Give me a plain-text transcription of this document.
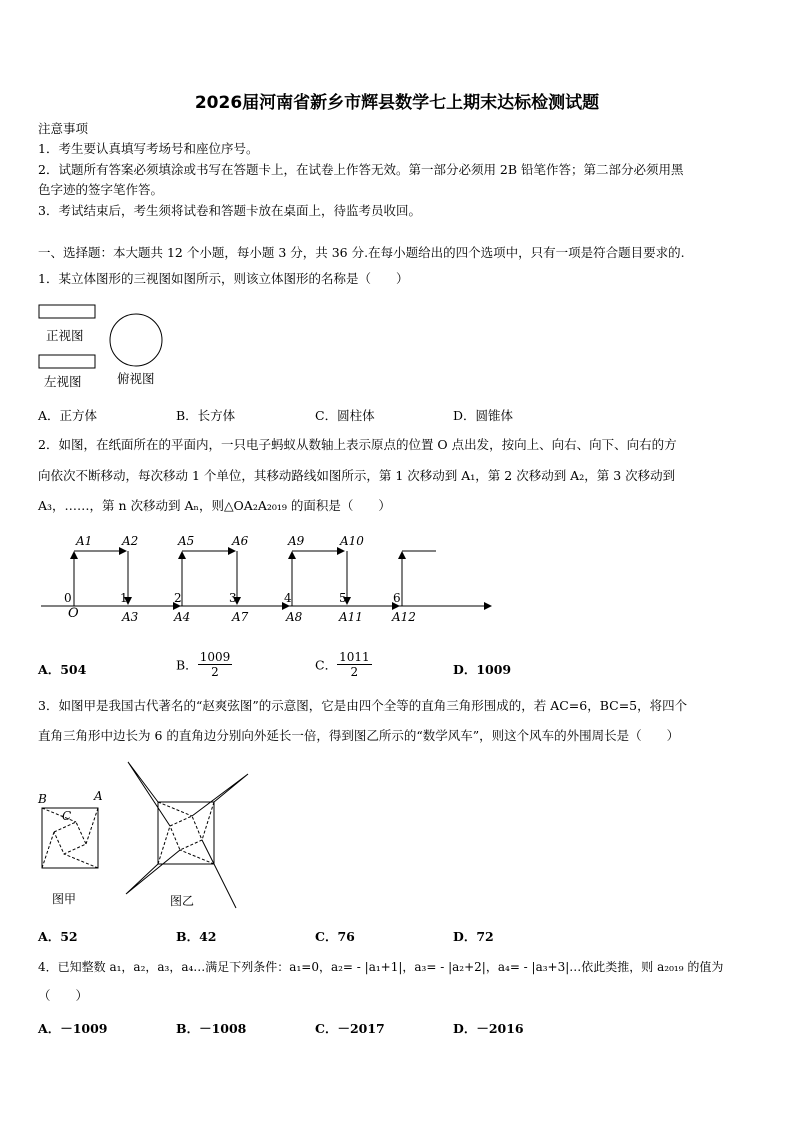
2026届河南省新乡市辉县数学七上期末达标检测试题
注意事项
1．考生要认真填写考场号和座位序号。
2．试题所有答案必须填涂或书写在答题卡上，在试卷上作答无效。第一部分必须用 2B 铅笔作答；第二部分必须用黑
色字迹的签字笔作答。
3．考试结束后，考生须将试卷和答题卡放在桌面上，待监考员收回。
一、选择题：本大题共 12 个小题，每小题 3 分，共 36 分.在每小题给出的四个选项中，只有一项是符合题目要求的.
1．某立体图形的三视图如图所示，则该立体图形的名称是（　　）
正视图
左视图	俯视图
A．正方体	B．长方体	C．圆柱体	D．圆锥体
2．如图，在纸面所在的平面内，一只电子蚂蚁从数轴上表示原点的位置 O 点出发，按向上、向右、向下、向右的方
向依次不断移动，每次移动 1 个单位，其移动路线如图所示，第 1 次移动到 A₁，第 2 次移动到 A₂，第 3 次移动到
A₃，……，第 n 次移动到 Aₙ，则△OA₂A₂₀₁₉ 的面积是（　　）
A1 A2	A5	A6	A9	A10
0	1	2	3	4	5	6
O	A3	A4	A7	A8	A11 A12
A．504	B． $\frac{1009}{2}$	C． $\frac{1011}{2}$	D．1009
3．如图甲是我国古代著名的“赵爽弦图”的示意图，它是由四个全等的直角三角形围成的，若 AC=6，BC=5，将四个
直角三角形中边长为 6 的直角边分别向外延长一倍，得到图乙所示的“数学风车”，则这个风车的外围周长是（　　）
B	A
C
图甲	图乙
A．52	B．42	C．76	D．72
4．已知整数 a₁，a₂，a₃，a₄…满足下列条件：a₁=0，a₂= - |a₁+1|，a₃= - |a₂+2|，a₄= - |a₃+3|…依此类推，则 a₂₀₁₉ 的值为
（　　）
A．－1009	B．－1008	C．－2017	D．－2016
